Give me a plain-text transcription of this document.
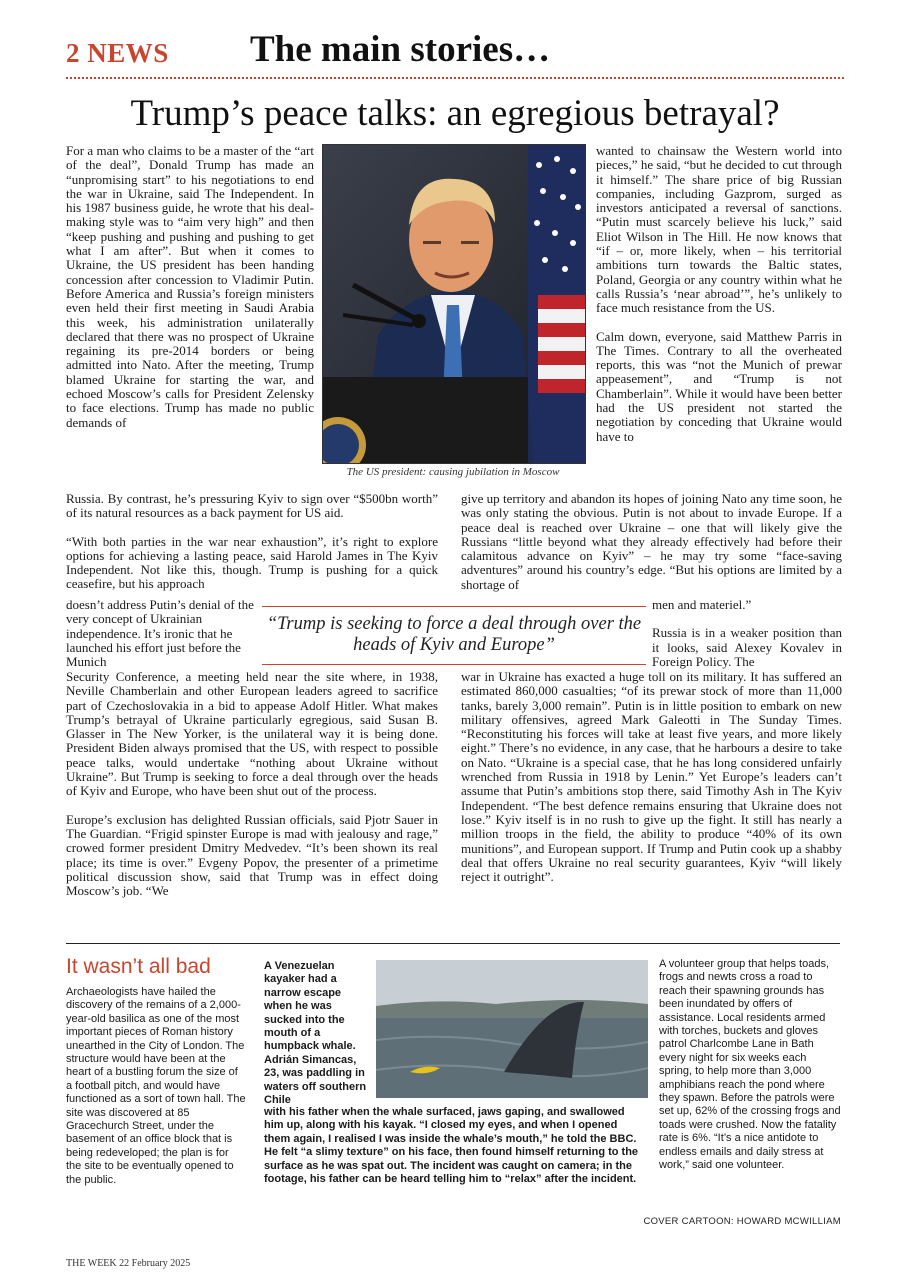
2 NEWS The main stories…
Trump’s peace talks: an egregious betrayal?

For a man who claims to be a master of the “art of the deal”, Donald Trump has made an “unpromising start” to his negotiations to end the war in Ukraine, said The Independent. In his 1987 business guide, he wrote that his deal-making style was to “aim very high” and then “keep pushing and pushing and pushing to get what I am after”. But when it comes to Ukraine, the US president has been handing concession after concession to Vladimir Putin. Before America and Russia’s foreign ministers even held their first meeting in Saudi Arabia this week, his administration unilaterally declared that there was no prospect of Ukraine regaining its pre-2014 borders or being admitted into Nato. After the meeting, Trump blamed Ukraine for starting the war, and echoed Moscow’s calls for President Zelensky to face elections. Trump has made no public demands of

The US president: causing jubilation in Moscow

Russia. By contrast, he’s pressuring Kyiv to sign over “$500bn worth” of its natural resources as a back payment for US aid.

“With both parties in the war near exhaustion”, it’s right to explore options for achieving a lasting peace, said Harold James in The Kyiv Independent. Not like this, though. Trump is pushing for a quick ceasefire, but his approach

doesn’t address Putin’s denial of the very concept of Ukrainian independence. It’s ironic that he launched his effort just before the Munich

Security Conference, a meeting held near the site where, in 1938, Neville Chamberlain and other European leaders agreed to sacrifice part of Czechoslovakia in a bid to appease Adolf Hitler. What makes Trump’s betrayal of Ukraine particularly egregious, said Susan B. Glasser in The New Yorker, is the unilateral way it is being done. President Biden always promised that the US, with respect to possible peace talks, would undertake “nothing about Ukraine without Ukraine”. But Trump is seeking to force a deal through over the heads of Kyiv and Europe, who have been shut out of the process.

Europe’s exclusion has delighted Russian officials, said Pjotr Sauer in The Guardian. “Frigid spinster Europe is mad with jealousy and rage,” crowed former president Dmitry Medvedev. “It’s been shown its real place; its time is over.” Evgeny Popov, the presenter of a primetime political discussion show, said that Trump was in effect doing Moscow’s job. “We

wanted to chainsaw the Western world into pieces,” he said, “but he decided to cut through it himself.” The share price of big Russian companies, including Gazprom, surged as investors anticipated a reversal of sanctions. “Putin must scarcely believe his luck,” said Eliot Wilson in The Hill. He now knows that “if – or, more likely, when – his territorial ambitions turn towards the Baltic states, Poland, Georgia or any country within what he calls Russia’s ‘near abroad’”, he’s unlikely to face much resistance from the US.

Calm down, everyone, said Matthew Parris in The Times. Contrary to all the overheated reports, this was “not the Munich of prewar appeasement”, and “Trump is not Chamberlain”. While it would have been better had the US president not started the negotiation by conceding that Ukraine would have to

give up territory and abandon its hopes of joining Nato any time soon, he was only stating the obvious. Putin is not about to invade Europe. If a peace deal is reached over Ukraine – one that will likely give the Russians “little beyond what they already effectively had before their calamitous advance on Kyiv” – he may try some “face-saving adventures” around his country’s edge. “But his options are limited by a shortage of

men and materiel.”

Russia is in a weaker position than it looks, said Alexey Kovalev in Foreign Policy. The

war in Ukraine has exacted a huge toll on its military. It has suffered an estimated 860,000 casualties; “of its prewar stock of more than 11,000 tanks, barely 3,000 remain”. Putin is in little position to embark on new military offensives, agreed Mark Galeotti in The Sunday Times. “Reconstituting his forces will take at least five years, and more likely eight.” There’s no evidence, in any case, that he harbours a desire to take on Nato. “Ukraine is a special case, that he has long considered unfairly wrenched from Russia in 1918 by Lenin.” Yet Europe’s leaders can’t assume that Putin’s ambitions stop there, said Timothy Ash in The Kyiv Independent. “The best defence remains ensuring that Ukraine does not lose.” Kyiv itself is in no rush to give up the fight. It still has nearly a million troops in the field, the ability to produce “40% of its own munitions”, and European support. If Trump and Putin cook up a shabby deal that offers Ukraine no real security guarantees, Kyiv “will likely reject it outright”.

“Trump is seeking to force a deal through over the heads of Kyiv and Europe”
It wasn’t all bad
Archaeologists have hailed the discovery of the remains of a 2,000-year-old basilica as one of the most important pieces of Roman history unearthed in the City of London. The structure would have been at the heart of a bustling forum the size of a football pitch, and would have functioned as a sort of town hall. The site was discovered at 85 Gracechurch Street, under the basement of an office block that is being redeveloped; the plan is for the site to be eventually opened to the public.
A Venezuelan kayaker had a narrow escape when he was sucked into the mouth of a humpback whale. Adrián Simancas, 23, was paddling in waters off southern Chile
with his father when the whale surfaced, jaws gaping, and swallowed him up, along with his kayak. “I closed my eyes, and when I opened them again, I realised I was inside the whale’s mouth,” he told the BBC. He felt “a slimy texture” on his face, then found himself returning to the surface as he was spat out. The incident was caught on camera; in the footage, his father can be heard telling him to “relax” after the incident.
A volunteer group that helps toads, frogs and newts cross a road to reach their spawning grounds has been inundated by offers of assistance. Local residents armed with torches, buckets and gloves patrol Charlcombe Lane in Bath every night for six weeks each spring, to help more than 3,000 amphibians reach the pond where they spawn. Before the patrols were set up, 62% of the crossing frogs and toads were crushed. Now the fatality rate is 6%. “It’s a nice antidote to endless emails and daily stress at work,” said one volunteer.
COVER CARTOON: HOWARD MCWILLIAM
THE WEEK 22 February 2025
